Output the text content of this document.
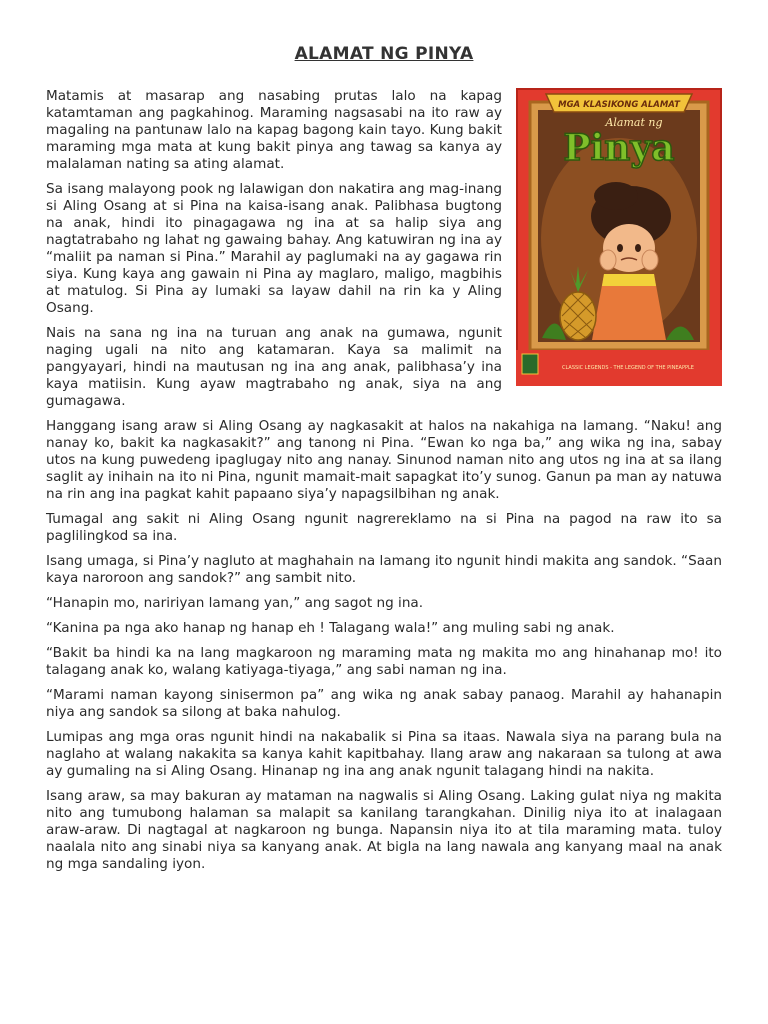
ALAMAT NG PINYA
MGA KLASIKONG ALAMAT
Alamat ng
Pinya
CLASSIC LEGENDS - THE LEGEND OF THE PINEAPPLE

Matamis at masarap ang nasabing prutas lalo na kapag katamtaman ang pagkahinog. Maraming nagsasabi na ito raw ay magaling na pantunaw lalo na kapag bagong kain tayo. Kung bakit maraming mga mata at kung bakit pinya ang tawag sa kanya ay malalaman nating sa ating alamat.

Sa isang malayong pook ng lalawigan don nakatira ang mag-inang si Aling Osang at si Pina na kaisa-isang anak. Palibhasa bugtong na anak, hindi ito pinagagawa ng ina at sa halip siya ang nagtatrabaho ng lahat ng gawaing bahay. Ang katuwiran ng ina ay “maliit pa naman si Pina.” Marahil ay paglumaki na ay gagawa rin siya. Kung kaya ang gawain ni Pina ay maglaro, maligo, magbihis at matulog. Si Pina ay lumaki sa layaw dahil na rin ka y Aling Osang.

Nais na sana ng ina na turuan ang anak na gumawa, ngunit naging ugali na nito ang katamaran. Kaya sa malimit na pangyayari, hindi na mautusan ng ina ang anak, palibhasa’y ina kaya matiisin. Kung ayaw magtrabaho ng anak, siya na ang gumagawa.

Hanggang isang araw si Aling Osang ay nagkasakit at halos na nakahiga na lamang. “Naku! ang nanay ko, bakit ka nagkasakit?” ang tanong ni Pina. “Ewan ko nga ba,” ang wika ng ina, sabay utos na kung puwedeng ipaglugay nito ang nanay. Sinunod naman nito ang utos ng ina at sa ilang saglit ay inihain na ito ni Pina, ngunit mamait-mait sapagkat ito’y sunog. Ganun pa man ay natuwa na rin ang ina pagkat kahit papaano siya’y napagsilbihan ng anak.

Tumagal ang sakit ni Aling Osang ngunit nagrereklamo na si Pina na pagod na raw ito sa paglilingkod sa ina.

Isang umaga, si Pina’y nagluto at maghahain na lamang ito ngunit hindi makita ang sandok. “Saan kaya naroroon ang sandok?” ang sambit nito.

“Hanapin mo, naririyan lamang yan,” ang sagot ng ina.

“Kanina pa nga ako hanap ng hanap eh ! Talagang wala!” ang muling sabi ng anak.

“Bakit ba hindi ka na lang magkaroon ng maraming mata ng makita mo ang hinahanap mo! ito talagang anak ko, walang katiyaga-tiyaga,” ang sabi naman ng ina.

“Marami naman kayong sinisermon pa” ang wika ng anak sabay panaog. Marahil ay hahanapin niya ang sandok sa silong at baka nahulog.

Lumipas ang mga oras ngunit hindi na nakabalik si Pina sa itaas. Nawala siya na parang bula na naglaho at walang nakakita sa kanya kahit kapitbahay. Ilang araw ang nakaraan sa tulong at awa ay gumaling na si Aling Osang. Hinanap ng ina ang anak ngunit talagang hindi na nakita.

Isang araw, sa may bakuran ay mataman na nagwalis si Aling Osang. Laking gulat niya ng makita nito ang tumubong halaman sa malapit sa kanilang tarangkahan. Dinilig niya ito at inalagaan araw-araw. Di nagtagal at nagkaroon ng bunga. Napansin niya ito at tila maraming mata. tuloy naalala nito ang sinabi niya sa kanyang anak. At bigla na lang nawala ang kanyang maal na anak ng mga sandaling iyon.
